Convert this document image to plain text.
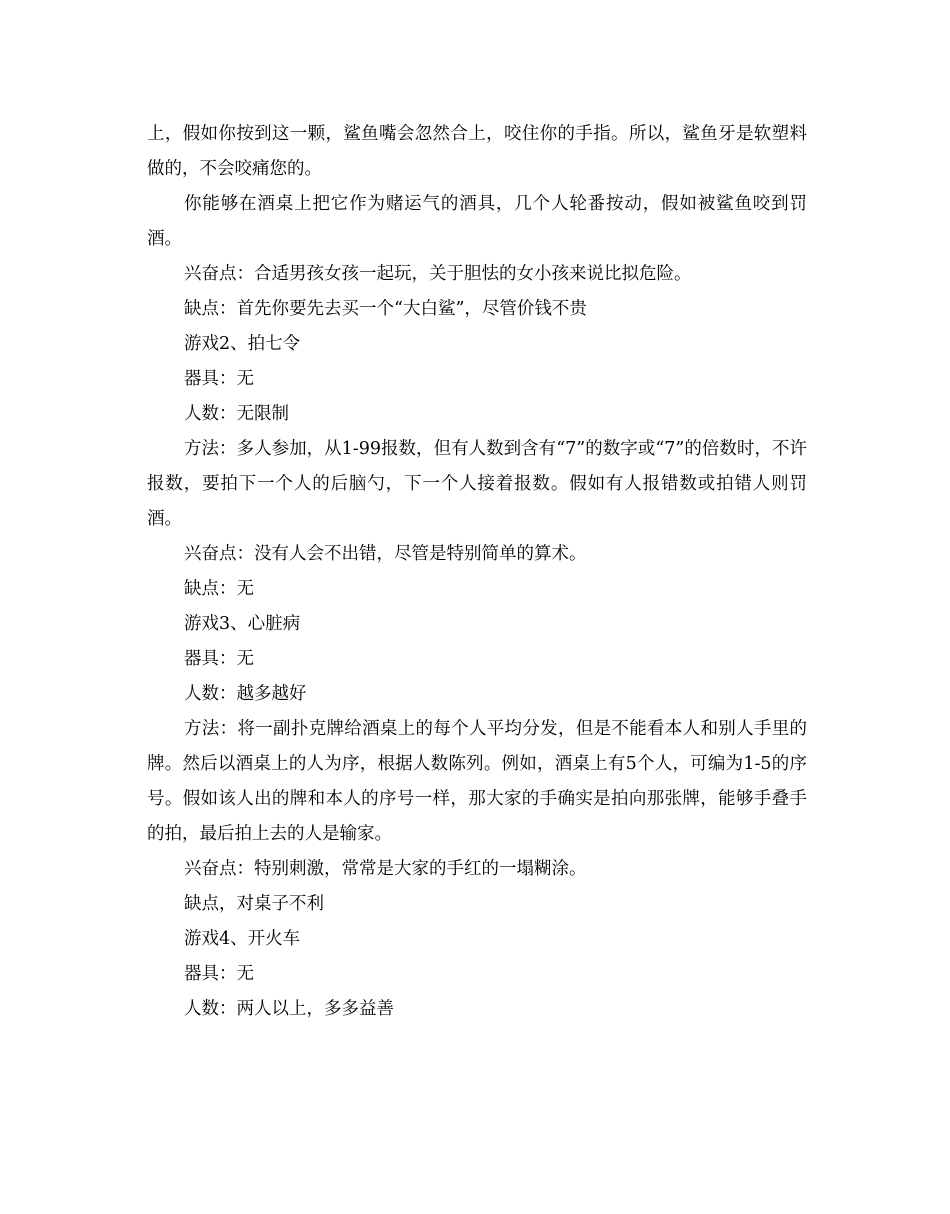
上，假如你按到这一颗，鲨鱼嘴会忽然合上，咬住你的手指。所以，鲨鱼牙是软塑料做的，不会咬痛您的。

你能够在酒桌上把它作为赌运气的酒具，几个人轮番按动，假如被鲨鱼咬到罚酒。

兴奋点：合适男孩女孩一起玩，关于胆怯的女小孩来说比拟危险。

缺点：首先你要先去买一个“大白鲨”，尽管价钱不贵

游戏2、拍七令

器具：无

人数：无限制

方法：多人参加，从1-99报数，但有人数到含有“7”的数字或“7”的倍数时，不许报数，要拍下一个人的后脑勺，下一个人接着报数。假如有人报错数或拍错人则罚酒。

兴奋点：没有人会不出错，尽管是特别简单的算术。

缺点：无

游戏3、心脏病

器具：无

人数：越多越好

方法：将一副扑克牌给酒桌上的每个人平均分发，但是不能看本人和别人手里的牌。然后以酒桌上的人为序，根据人数陈列。例如，酒桌上有5个人，可编为1-5的序号。假如该人出的牌和本人的序号一样，那大家的手确实是拍向那张牌，能够手叠手的拍，最后拍上去的人是输家。

兴奋点：特别刺激，常常是大家的手红的一塌糊涂。

缺点，对桌子不利

游戏4、开火车

器具：无

人数：两人以上，多多益善
